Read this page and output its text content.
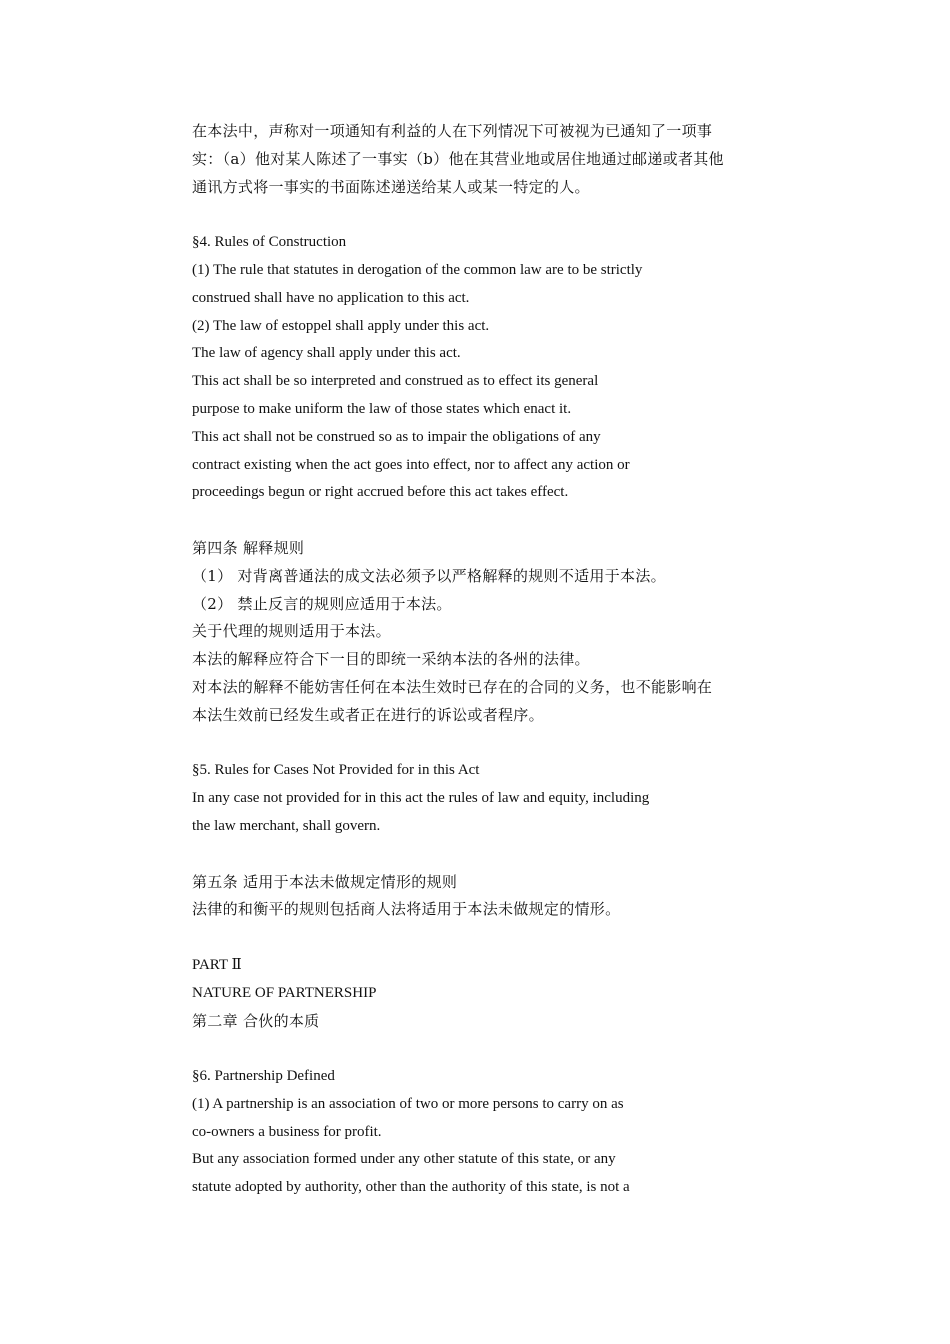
在本法中，声称对一项通知有利益的人在下列情况下可被视为已通知了一项事
实：（a）他对某人陈述了一事实（b）他在其营业地或居住地通过邮递或者其他
通讯方式将一事实的书面陈述递送给某人或某一特定的人。
§4. Rules of Construction
(1) The rule that statutes in derogation of the common law are to be strictly
construed shall have no application to this act.
(2) The law of estoppel shall apply under this act.
The law of agency shall apply under this act.
This act shall be so interpreted and construed as to effect its general
purpose to make uniform the law of those states which enact it.
This act shall not be construed so as to impair the obligations of any
contract existing when the act goes into effect, nor to affect any action or
proceedings begun or right accrued before this act takes effect.
第四条 解释规则
（1） 对背离普通法的成文法必须予以严格解释的规则不适用于本法。
（2） 禁止反言的规则应适用于本法。
关于代理的规则适用于本法。
本法的解释应符合下一目的即统一采纳本法的各州的法律。
对本法的解释不能妨害任何在本法生效时已存在的合同的义务，也不能影响在
本法生效前已经发生或者正在进行的诉讼或者程序。
§5. Rules for Cases Not Provided for in this Act
In any case not provided for in this act the rules of law and equity, including
the law merchant, shall govern.
第五条 适用于本法未做规定情形的规则
法律的和衡平的规则包括商人法将适用于本法未做规定的情形。
PART Ⅱ
NATURE OF PARTNERSHIP
第二章 合伙的本质
§6. Partnership Defined
(1) A partnership is an association of two or more persons to carry on as
co-owners a business for profit.
But any association formed under any other statute of this state, or any
statute adopted by authority, other than the authority of this state, is not a
